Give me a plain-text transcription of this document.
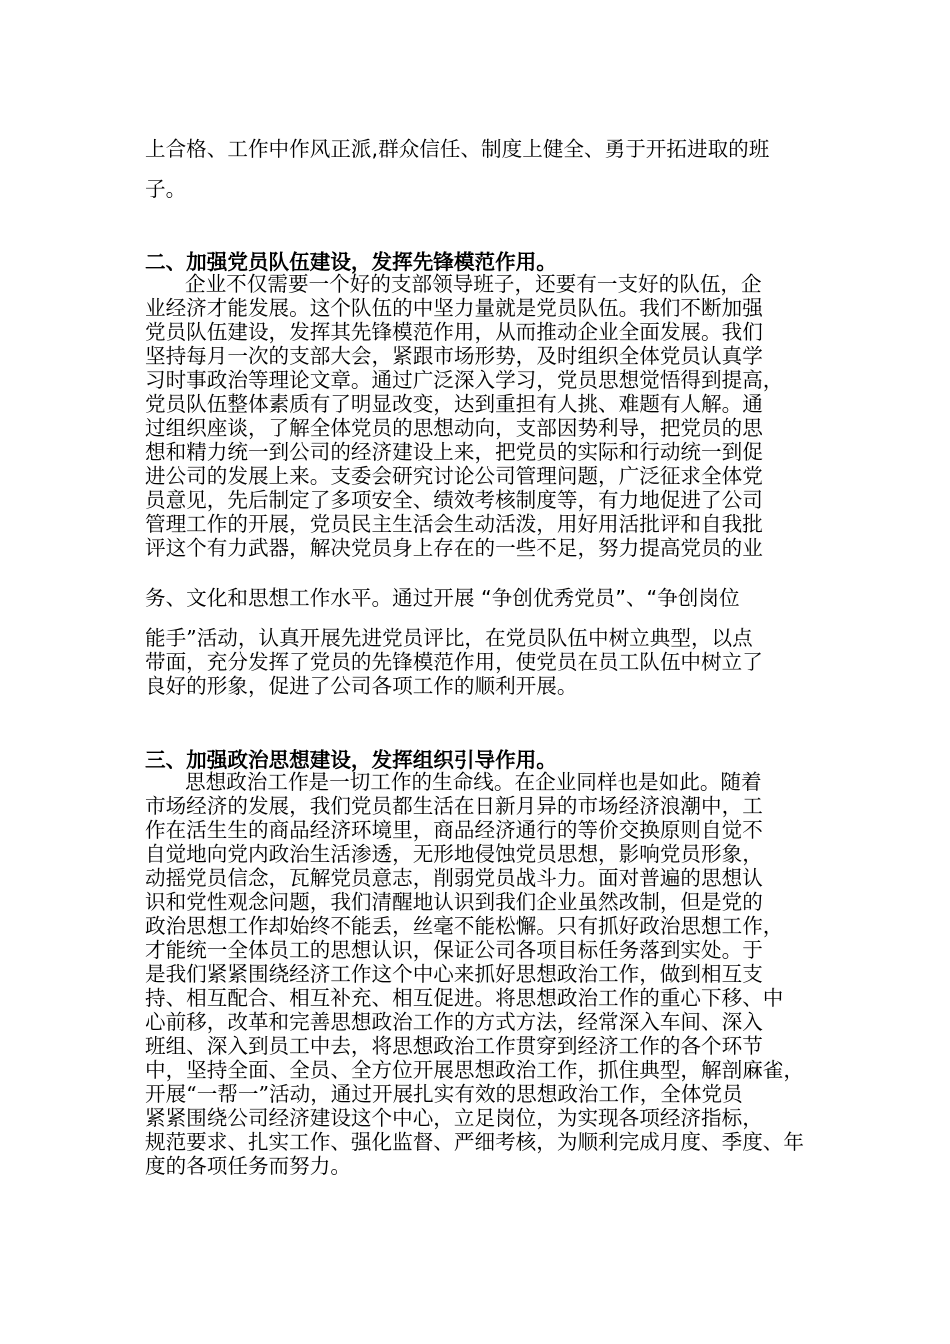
上合格、工作中作风正派,群众信任、制度上健全、勇于开拓进取的班
子。
二、加强党员队伍建设，发挥先锋模范作用。
企业不仅需要一个好的支部领导班子，还要有一支好的队伍，企
业经济才能发展。这个队伍的中坚力量就是党员队伍。我们不断加强
党员队伍建设，发挥其先锋模范作用，从而推动企业全面发展。我们
坚持每月一次的支部大会，紧跟市场形势，及时组织全体党员认真学
习时事政治等理论文章。通过广泛深入学习，党员思想觉悟得到提高，
党员队伍整体素质有了明显改变，达到重担有人挑、难题有人解。通
过组织座谈，了解全体党员的思想动向，支部因势利导，把党员的思
想和精力统一到公司的经济建设上来，把党员的实际和行动统一到促
进公司的发展上来。支委会研究讨论公司管理问题，广泛征求全体党
员意见，先后制定了多项安全、绩效考核制度等，有力地促进了公司
管理工作的开展，党员民主生活会生动活泼，用好用活批评和自我批
评这个有力武器，解决党员身上存在的一些不足，努力提高党员的业
务、文化和思想工作水平。通过开展 “争创优秀党员”、“争创岗位
能手”活动，认真开展先进党员评比，在党员队伍中树立典型，以点
带面，充分发挥了党员的先锋模范作用，使党员在员工队伍中树立了
良好的形象，促进了公司各项工作的顺利开展。
三、加强政治思想建设，发挥组织引导作用。
思想政治工作是一切工作的生命线。在企业同样也是如此。随着
市场经济的发展，我们党员都生活在日新月异的市场经济浪潮中，工
作在活生生的商品经济环境里，商品经济通行的等价交换原则自觉不
自觉地向党内政治生活渗透，无形地侵蚀党员思想，影响党员形象，
动摇党员信念，瓦解党员意志，削弱党员战斗力。面对普遍的思想认
识和党性观念问题，我们清醒地认识到我们企业虽然改制，但是党的
政治思想工作却始终不能丢，丝毫不能松懈。只有抓好政治思想工作，
才能统一全体员工的思想认识，保证公司各项目标任务落到实处。于
是我们紧紧围绕经济工作这个中心来抓好思想政治工作，做到相互支
持、相互配合、相互补充、相互促进。将思想政治工作的重心下移、中
心前移，改革和完善思想政治工作的方式方法，经常深入车间、深入
班组、深入到员工中去，将思想政治工作贯穿到经济工作的各个环节
中，坚持全面、全员、全方位开展思想政治工作，抓住典型，解剖麻雀，
开展“一帮一”活动，通过开展扎实有效的思想政治工作，全体党员
紧紧围绕公司经济建设这个中心，立足岗位，为实现各项经济指标，
规范要求、扎实工作、强化监督、严细考核，为顺利完成月度、季度、年
度的各项任务而努力。
